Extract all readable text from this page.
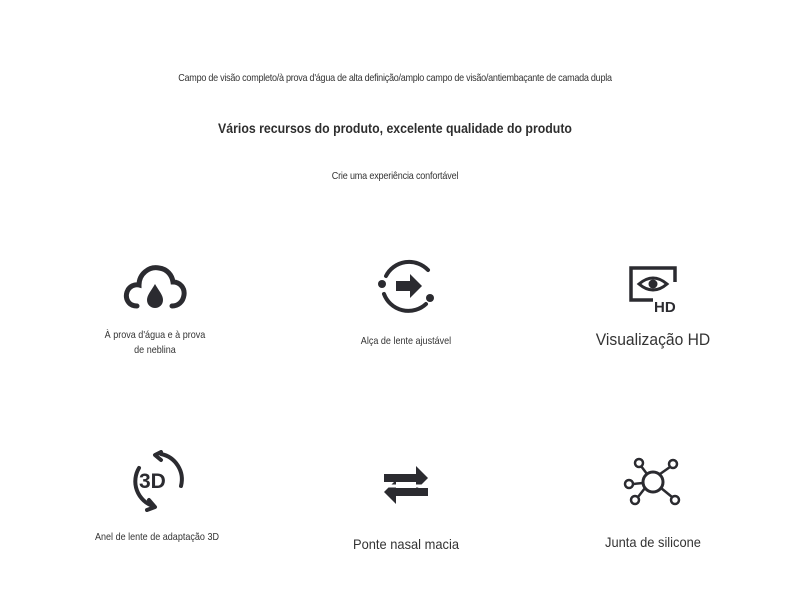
Campo de visão completo/à prova d'água de alta definição/amplo campo de visão/antiembaçante de camada dupla
Vários recursos do produto, excelente qualidade do produto
Crie uma experiência confortável
À prova d'água e à prova
de neblina
Alça de lente ajustável
HD
Visualização HD
3D
Anel de lente de adaptação 3D	Ponte nasal macia	Junta de silicone
